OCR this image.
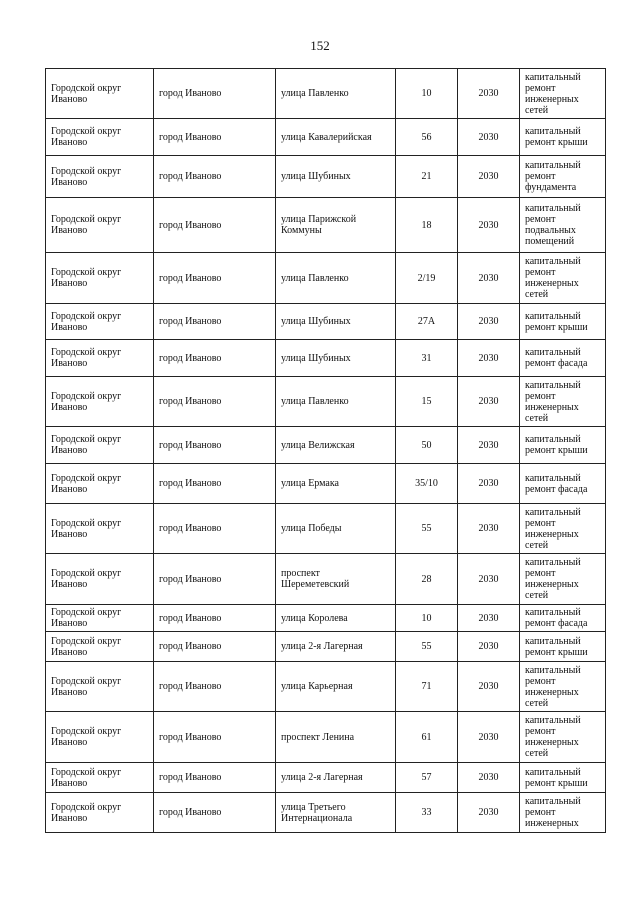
152
Городской округ Иваново	город Иваново	улица Павленко	10	2030	капитальный ремонт инженерных сетей
Городской округ Иваново	город Иваново	улица Кавалерийская	56	2030	капитальный ремонт крыши
Городской округ Иваново	город Иваново	улица Шубиных	21	2030	капитальный ремонт фундамента
Городской округ Иваново	город Иваново	улица Парижской Коммуны	18	2030	капитальный ремонт подвальных помещений
Городской округ Иваново	город Иваново	улица Павленко	2/19	2030	капитальный ремонт инженерных сетей
Городской округ Иваново	город Иваново	улица Шубиных	27А	2030	капитальный ремонт крыши
Городской округ Иваново	город Иваново	улица Шубиных	31	2030	капитальный ремонт фасада
Городской округ Иваново	город Иваново	улица Павленко	15	2030	капитальный ремонт инженерных сетей
Городской округ Иваново	город Иваново	улица Велижская	50	2030	капитальный ремонт крыши
Городской округ Иваново	город Иваново	улица Ермака	35/10	2030	капитальный ремонт фасада
Городской округ Иваново	город Иваново	улица Победы	55	2030	капитальный ремонт инженерных сетей
Городской округ Иваново	город Иваново	проспект Шереметевский	28	2030	капитальный ремонт инженерных сетей
Городской округ Иваново	город Иваново	улица Королева	10	2030	капитальный ремонт фасада
Городской округ Иваново	город Иваново	улица 2-я Лагерная	55	2030	капитальный ремонт крыши
Городской округ Иваново	город Иваново	улица Карьерная	71	2030	капитальный ремонт инженерных сетей
Городской округ Иваново	город Иваново	проспект Ленина	61	2030	капитальный ремонт инженерных сетей
Городской округ Иваново	город Иваново	улица 2-я Лагерная	57	2030	капитальный ремонт крыши
Городской округ Иваново	город Иваново	улица Третьего Интернационала	33	2030	капитальный ремонт инженерных
